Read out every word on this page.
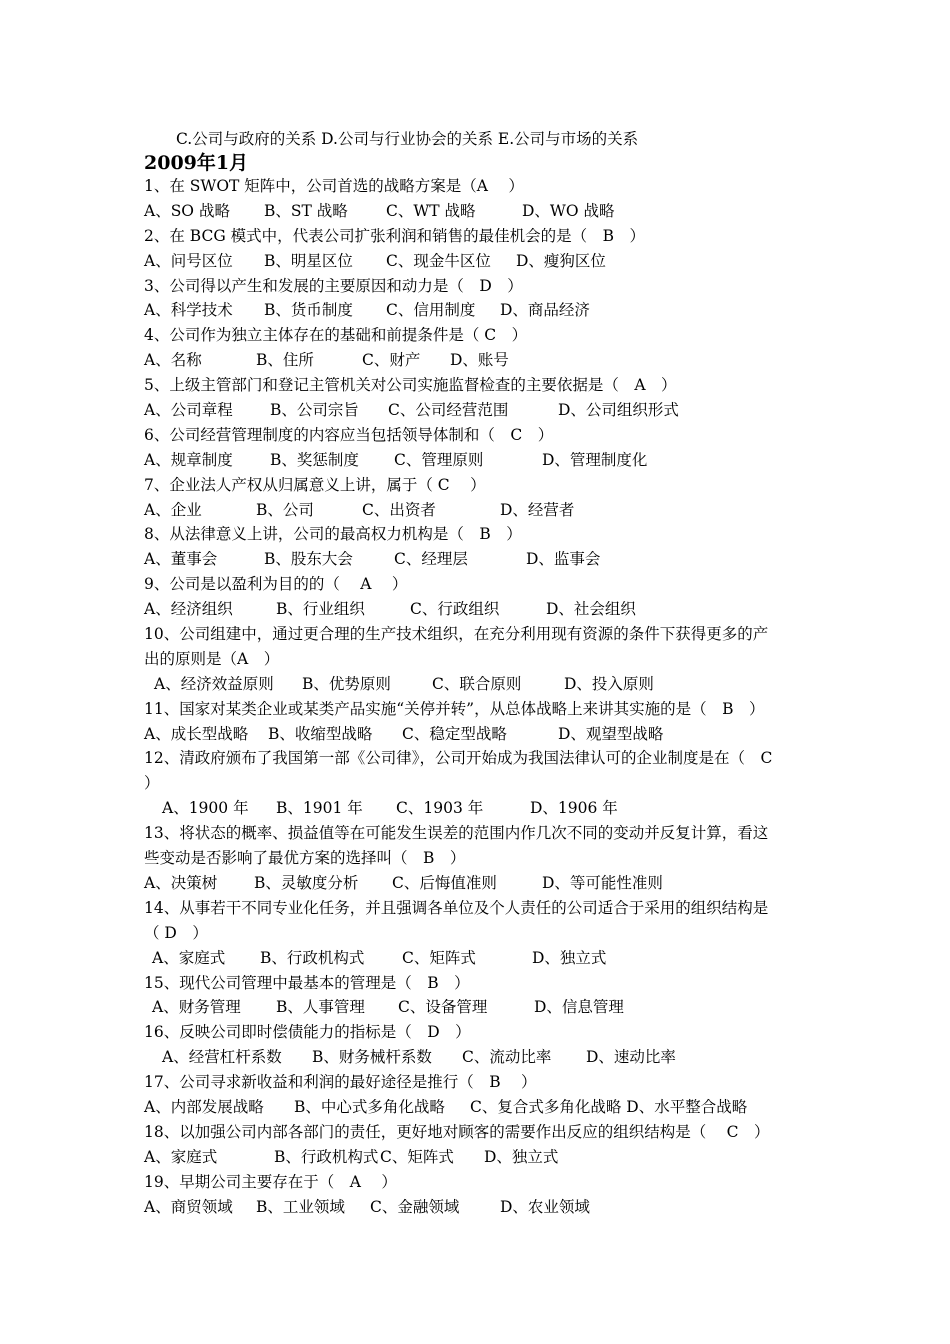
C.公司与政府的关系 D.公司与行业协会的关系 E.公司与市场的关系
2009年1月
1、在 SWOT 矩阵中，公司首选的战略方案是（A　 ）
A、SO 战略 B、ST 战略 C、WT 战略	D、WO 战略
2、在 BCG 模式中，代表公司扩张利润和销售的最佳机会的是（　B　）
A、问号区位 B、明星区位 C、现金牛区位 D、瘦狗区位
3、公司得以产生和发展的主要原因和动力是（　D　）
A、科学技术 B、货币制度 C、信用制度 D、商品经济
4、公司作为独立主体存在的基础和前提条件是（ C　）
A、名称	B、住所	C、财产 D、账号
5、上级主管部门和登记主管机关对公司实施监督检查的主要依据是（　A　）
A、公司章程 B、公司宗旨 C、公司经营范围	D、公司组织形式
6、公司经营管理制度的内容应当包括领导体制和（　C　）
A、规章制度 B、奖惩制度 C、管理原则	D、管理制度化
7、企业法人产权从归属意义上讲，属于（ C　 ）
A、企业	B、公司	C、出资者	D、经营者
8、从法律意义上讲，公司的最高权力机构是（　B　）
A、董事会	B、股东大会	C、经理层	D、监事会
9、公司是以盈利为目的的（　 A　 ）
A、经济组织	B、行业组织	C、行政组织	D、社会组织
10、公司组建中，通过更合理的生产技术组织，在充分利用现有资源的条件下获得更多的产
出的原则是（A　）
A、经济效益原则 B、优势原则	C、联合原则	D、投入原则
11、国家对某类企业或某类产品实施“关停并转”，从总体战略上来讲其实施的是（　B　）
A、成长型战略 B、收缩型战略 C、稳定型战略	D、观望型战略
12、清政府颁布了我国第一部《公司律》，公司开始成为我国法律认可的企业制度是在（　C
）
A、1900 年 B、1901 年 C、1903 年	D、1906 年
13、将状态的概率、损益值等在可能发生误差的范围内作几次不同的变动并反复计算，看这
些变动是否影响了最优方案的选择叫（　B　）
A、决策树 B、灵敏度分析 C、后悔值准则	D、等可能性准则
14、从事若干不同专业化任务，并且强调各单位及个人责任的公司适合于采用的组织结构是
（ D　）
A、家庭式 B、行政机构式 C、矩阵式	D、独立式
15、现代公司管理中最基本的管理是（　B　）
A、财务管理 B、人事管理 C、设备管理	D、信息管理
16、反映公司即时偿债能力的指标是（　D　）
A、经营杠杆系数 B、财务械杆系数 C、流动比率 D、速动比率
17、公司寻求新收益和利润的最好途径是推行（　B　 ）
A、内部发展战略 B、中心式多角化战略 C、复合式多角化战略 D、水平整合战略
18、以加强公司内部各部门的责任，更好地对顾客的需要作出反应的组织结构是（　 C　）
A、家庭式	B、行政机构式 C、矩阵式 D、独立式
19、早期公司主要存在于（　A　 ）
A、商贸领域 B、工业领域 C、金融领域	D、农业领域
